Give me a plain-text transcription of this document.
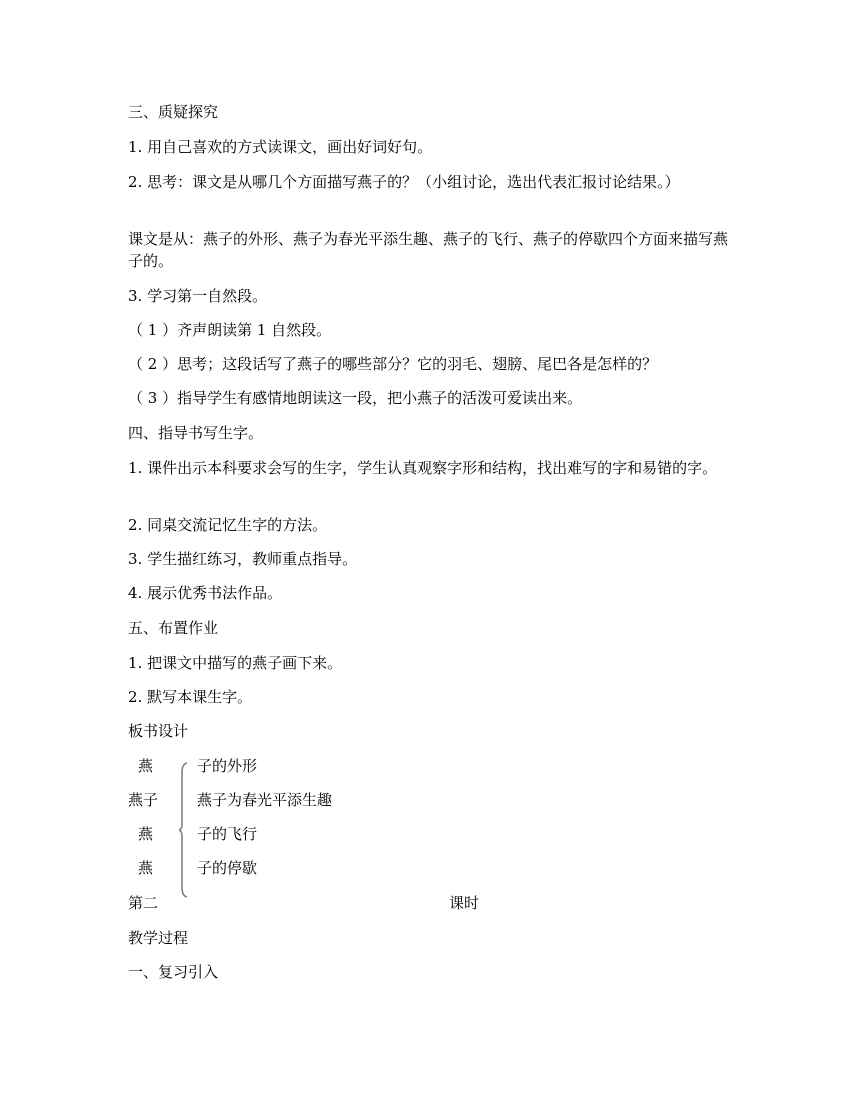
三、质疑探究

1. 用自己喜欢的方式读课文，画出好词好句。

2. 思考：课文是从哪几个方面描写燕子的？（小组讨论，选出代表汇报讨论结果。）

课文是从：燕子的外形、燕子为春光平添生趣、燕子的飞行、燕子的停歇四个方面来描写燕子的。

3. 学习第一自然段。

（ 1 ）齐声朗读第 1 自然段。

（ 2 ）思考；这段话写了燕子的哪些部分？它的羽毛、翅膀、尾巴各是怎样的？

（ 3 ）指导学生有感情地朗读这一段，把小燕子的活泼可爱读出来。

四、指导书写生字。

1. 课件出示本科要求会写的生字，学生认真观察字形和结构，找出难写的字和易错的字。

2. 同桌交流记忆生字的方法。

3. 学生描红练习，教师重点指导。

4. 展示优秀书法作品。

五、布置作业

1. 把课文中描写的燕子画下来。

2. 默写本课生字。

板书设计

燕

燕子

燕

燕

子的外形

燕子为春光平添生趣

子的飞行

子的停歇

第二	课时

教学过程

一、复习引入
